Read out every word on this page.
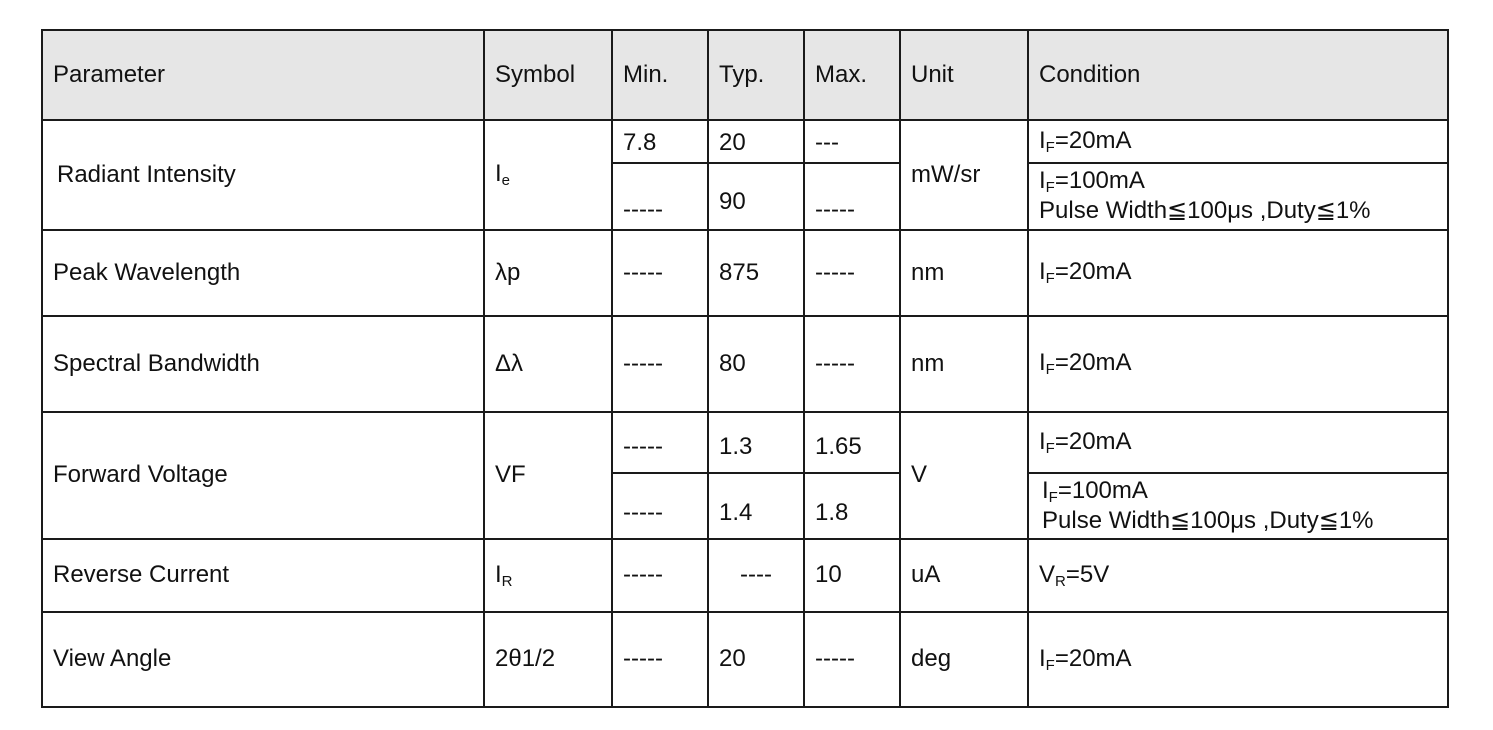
Parameter	Symbol	Min.	Typ.	Max.	Unit	Condition
Radiant Intensity	Ie	7.8	20	---	mW/sr	IF=20mA
		-----	90	-----		IF=100mA
Pulse Width≦100μs ,Duty≦1%

Peak Wavelength	λp	-----	875	-----	nm	IF=20mA
Spectral Bandwidth	Δλ	-----	80	-----	nm	IF=20mA
Forward Voltage	VF	-----	1.3	1.65	V	IF=20mA
		-----	1.4	1.8		IF=100mA
Pulse Width≦100μs ,Duty≦1%

Reverse Current	IR	-----	----	10	uA	VR=5V
View Angle	2θ1/2	-----	20	-----	deg	IF=20mA
